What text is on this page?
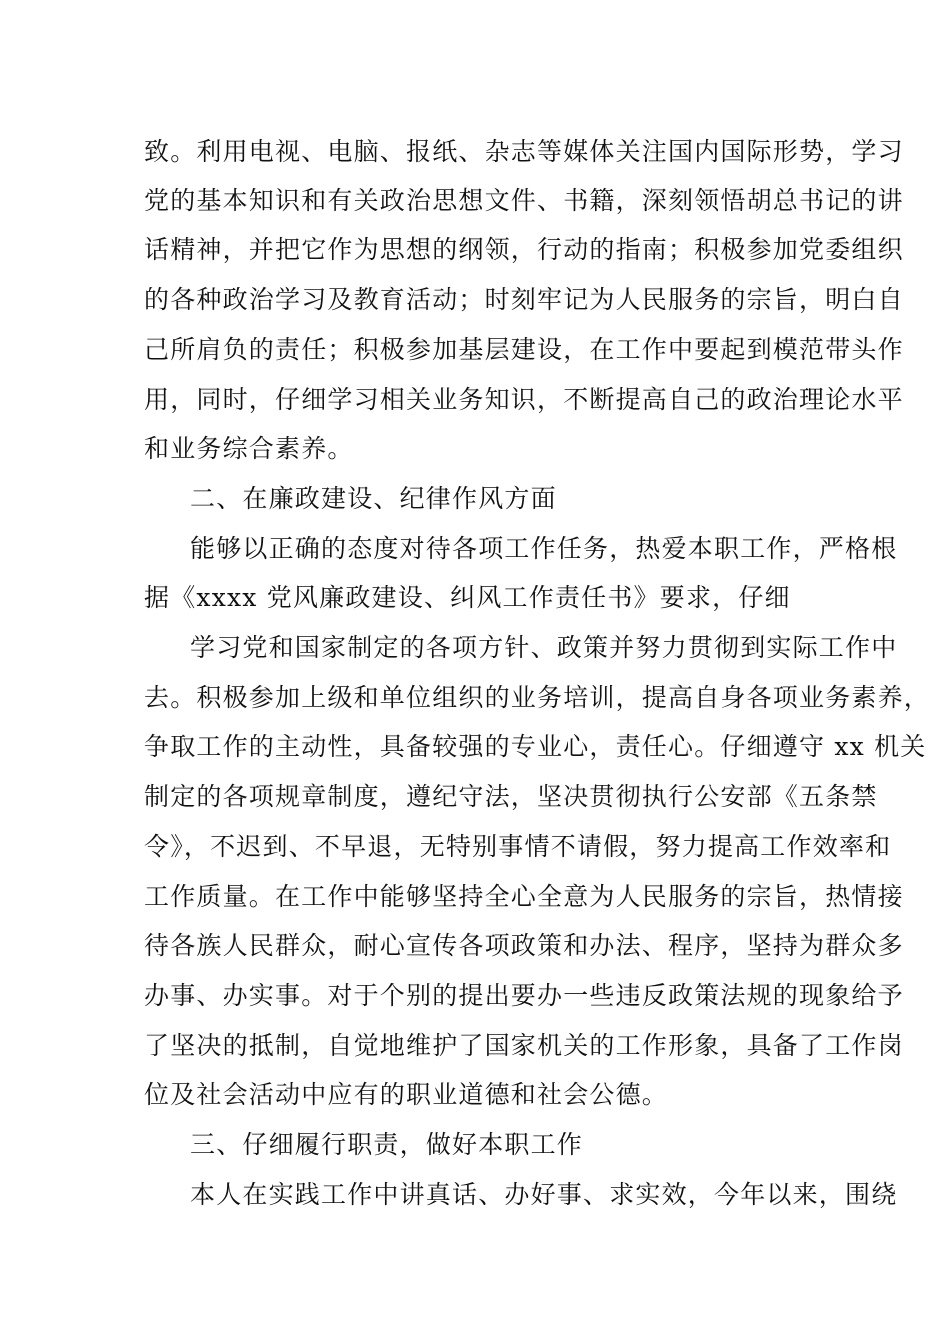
致。利用电视、电脑、报纸、杂志等媒体关注国内国际形势，学习
党的基本知识和有关政治思想文件、书籍，深刻领悟胡总书记的讲
话精神，并把它作为思想的纲领，行动的指南；积极参加党委组织
的各种政治学习及教育活动；时刻牢记为人民服务的宗旨，明白自
己所肩负的责任；积极参加基层建设，在工作中要起到模范带头作
用，同时，仔细学习相关业务知识，不断提高自己的政治理论水平
和业务综合素养。
二、在廉政建设、纪律作风方面
能够以正确的态度对待各项工作任务，热爱本职工作，严格根
据《xxxx 党风廉政建设、纠风工作责任书》要求，仔细
学习党和国家制定的各项方针、政策并努力贯彻到实际工作中
去。积极参加上级和单位组织的业务培训，提高自身各项业务素养，
争取工作的主动性，具备较强的专业心，责任心。仔细遵守 xx 机关
制定的各项规章制度，遵纪守法，坚决贯彻执行公安部《五条禁
令》，不迟到、不早退，无特别事情不请假，努力提高工作效率和
工作质量。在工作中能够坚持全心全意为人民服务的宗旨，热情接
待各族人民群众，耐心宣传各项政策和办法、程序，坚持为群众多
办事、办实事。对于个别的提出要办一些违反政策法规的现象给予
了坚决的抵制，自觉地维护了国家机关的工作形象，具备了工作岗
位及社会活动中应有的职业道德和社会公德。
三、仔细履行职责，做好本职工作
本人在实践工作中讲真话、办好事、求实效，今年以来，围绕
